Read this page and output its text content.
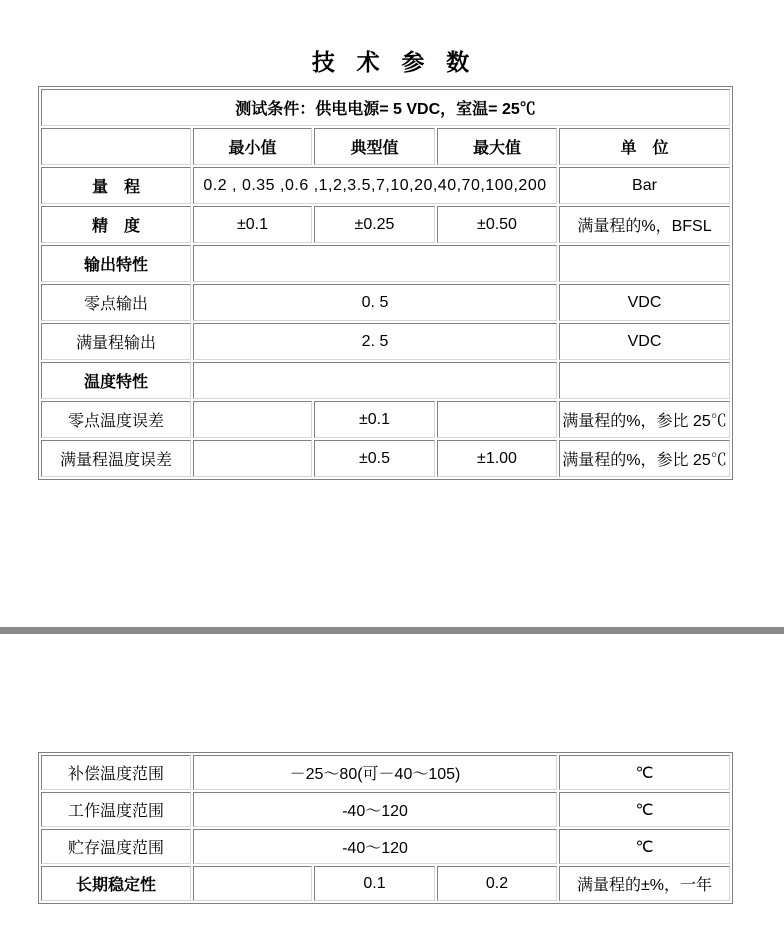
技  术  参  数
测试条件：供电电源= 5 VDC，室温= 25℃				
	最小值	典型值	最大值	单　位
量　程	0.2 , 0.35 ,0.6 ,1,2,3.5,7,10,20,40,70,100,200			Bar
精　度	±0.1	±0.25	±0.50	满量程的%，BFSL
输出特性				
零点输出	0. 5			VDC
满量程输出	2. 5			VDC
温度特性				
零点温度误差		±0.1		满量程的%，参比 25℃
满量程温度误差		±0.5	±1.00	满量程的%，参比 25℃
补偿温度范围	－25～80(可－40～105)			℃
工作温度范围	-40～120			℃
贮存温度范围	-40～120			℃
长期稳定性		0.1	0.2	满量程的±%，一年
